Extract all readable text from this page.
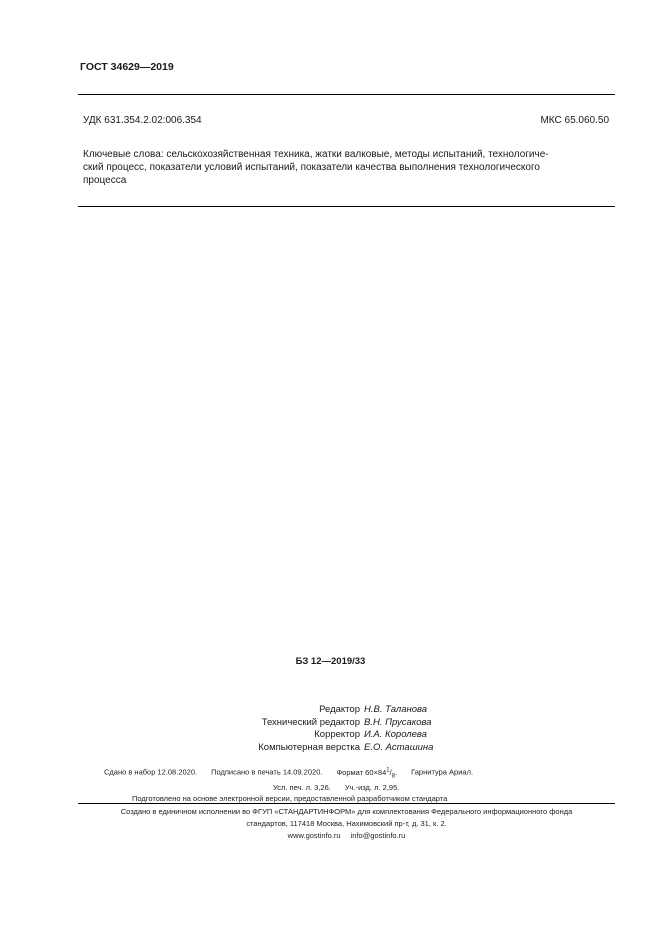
ГОСТ 34629—2019
УДК 631.354.2.02:006.354	МКС 65.060.50
Ключевые слова: сельскохозяйственная техника, жатки валковые, методы испытаний, технологиче-
ский процесс, показатели условий испытаний, показатели качества выполнения технологического
процесса
БЗ 12—2019/33
Редактор Н.В. Таланова
Технический редактор В.Н. Прусакова
Корректор И.А. Королева
Компьютерная верстка Е.О. Асташина
Сдано в набор 12.08.2020. Подписано в печать 14.09.2020. Формат $60\times 84^1/_8$. Гарнитура Ариал.
Усл. печ. л. 3,26. Уч.-изд. л. 2,95.
Подготовлено на основе электронной версии, предоставленной разработчиком стандарта
Создано в единичном исполнении во ФГУП «СТАНДАРТИНФОРМ» для комплектования Федерального информационного фонда
стандартов, 117418 Москва, Нахимовский пр-т, д. 31, к. 2.
www.gostinfo.ru info@gostinfo.ru
